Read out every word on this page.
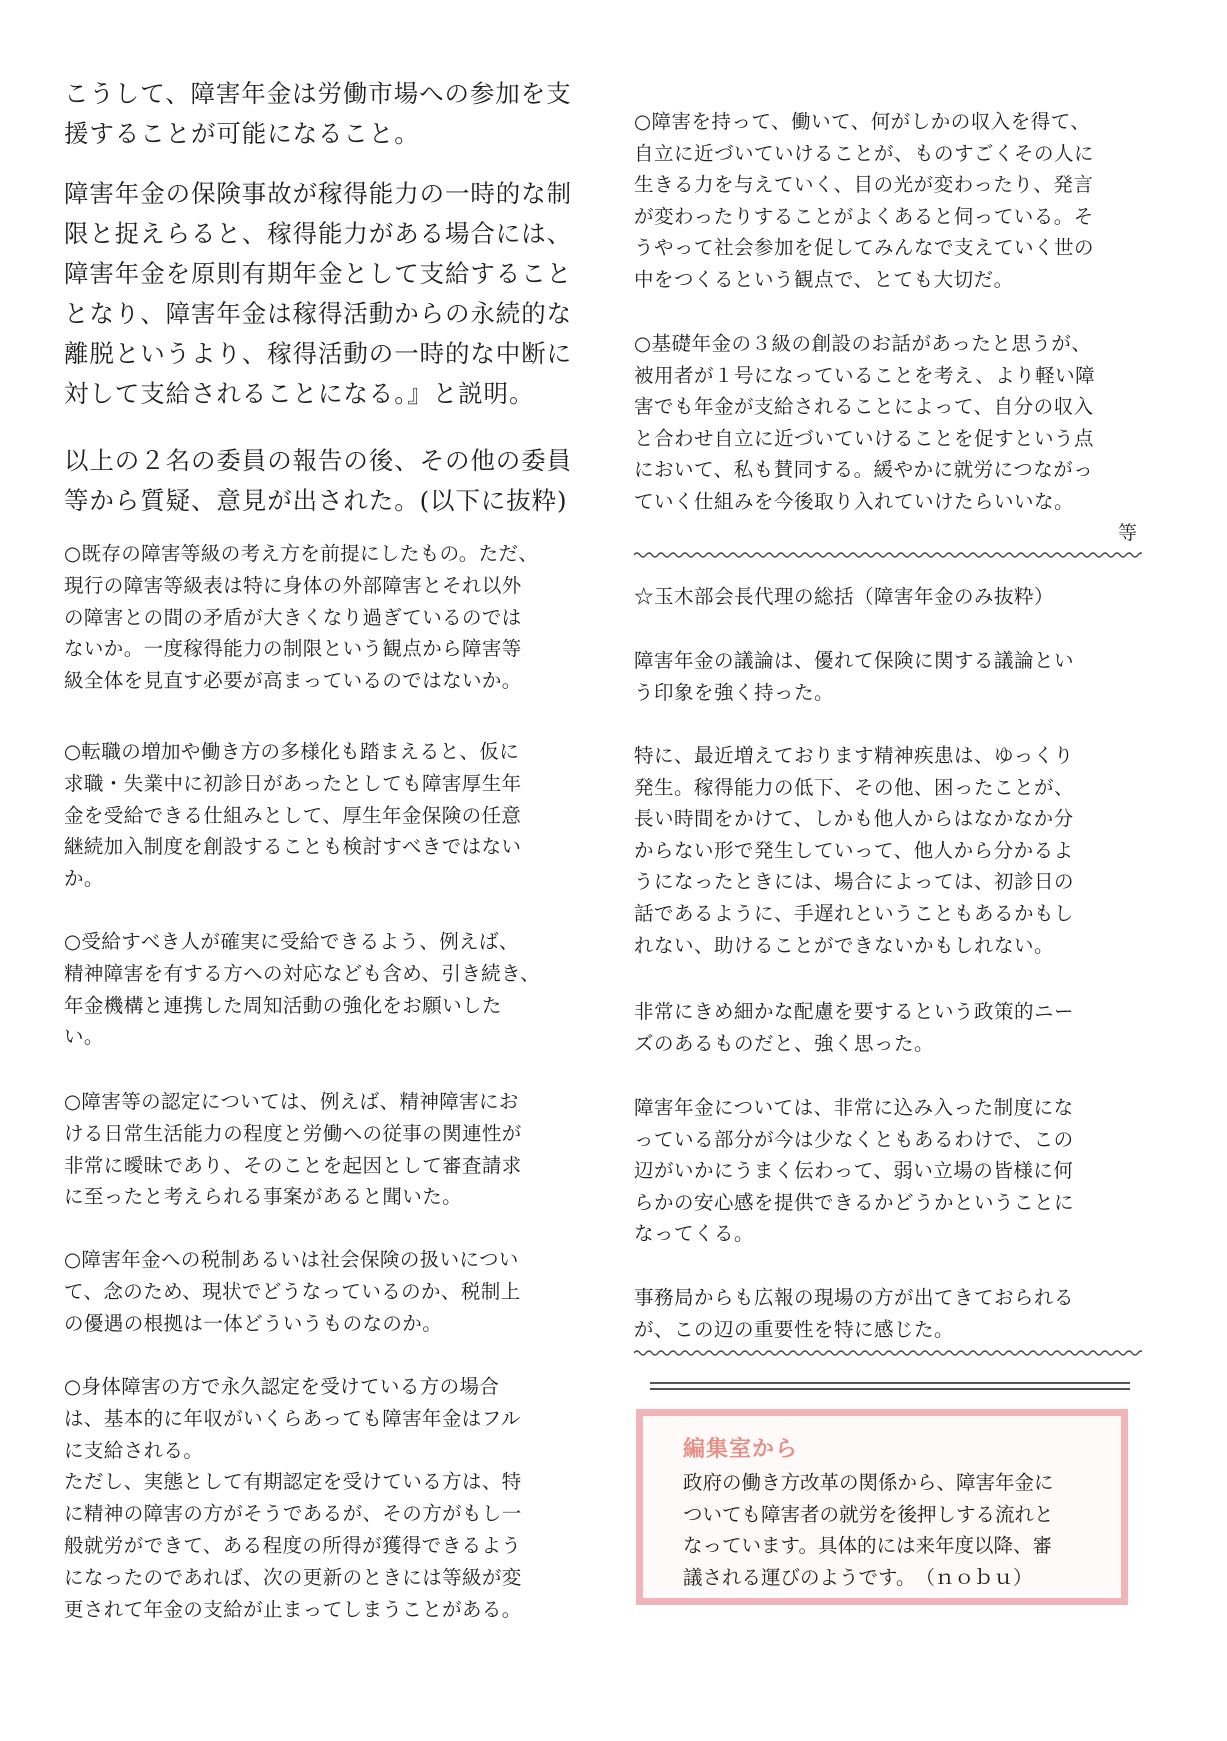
こうして、障害年金は労働市場への参加を支
援することが可能になること。

障害年金の保険事故が稼得能力の一時的な制
限と捉えらると、稼得能力がある場合には、
障害年金を原則有期年金として支給すること
となり、障害年金は稼得活動からの永続的な
離脱というより、稼得活動の一時的な中断に
対して支給されることになる。』と説明。

以上の２名の委員の報告の後、その他の委員
等から質疑、意見が出された。(以下に抜粋)

○既存の障害等級の考え方を前提にしたもの。ただ、
現行の障害等級表は特に身体の外部障害とそれ以外
の障害との間の矛盾が大きくなり過ぎているのでは
ないか。一度稼得能力の制限という観点から障害等
級全体を見直す必要が高まっているのではないか。

○転職の増加や働き方の多様化も踏まえると、仮に
求職・失業中に初診日があったとしても障害厚生年
金を受給できる仕組みとして、厚生年金保険の任意
継続加入制度を創設することも検討すべきではない
か。

○受給すべき人が確実に受給できるよう、例えば、
精神障害を有する方への対応なども含め、引き続き、
年金機構と連携した周知活動の強化をお願いした
い。

○障害等の認定については、例えば、精神障害にお
ける日常生活能力の程度と労働への従事の関連性が
非常に曖昧であり、そのことを起因として審査請求
に至ったと考えられる事案があると聞いた。

○障害年金への税制あるいは社会保険の扱いについ
て、念のため、現状でどうなっているのか、税制上
の優遇の根拠は一体どういうものなのか。

○身体障害の方で永久認定を受けている方の場合
は、基本的に年収がいくらあっても障害年金はフル
に支給される。
ただし、実態として有期認定を受けている方は、特
に精神の障害の方がそうであるが、その方がもし一
般就労ができて、ある程度の所得が獲得できるよう
になったのであれば、次の更新のときには等級が変
更されて年金の支給が止まってしまうことがある。

○障害を持って、働いて、何がしかの収入を得て、
自立に近づいていけることが、ものすごくその人に
生きる力を与えていく、目の光が変わったり、発言
が変わったりすることがよくあると伺っている。そ
うやって社会参加を促してみんなで支えていく世の
中をつくるという観点で、とても大切だ。

○基礎年金の３級の創設のお話があったと思うが、
被用者が１号になっていることを考え、より軽い障
害でも年金が支給されることによって、自分の収入
と合わせ自立に近づいていけることを促すという点
において、私も賛同する。緩やかに就労につながっ
ていく仕組みを今後取り入れていけたらいいな。

等

☆玉木部会長代理の総括（障害年金のみ抜粋）

障害年金の議論は、優れて保険に関する議論とい
う印象を強く持った。

特に、最近増えております精神疾患は、ゆっくり
発生。稼得能力の低下、その他、困ったことが、
長い時間をかけて、しかも他人からはなかなか分
からない形で発生していって、他人から分かるよ
うになったときには、場合によっては、初診日の
話であるように、手遅れということもあるかもし
れない、助けることができないかもしれない。

非常にきめ細かな配慮を要するという政策的ニー
ズのあるものだと、強く思った。

障害年金については、非常に込み入った制度にな
っている部分が今は少なくともあるわけで、この
辺がいかにうまく伝わって、弱い立場の皆様に何
らかの安心感を提供できるかどうかということに
なってくる。

事務局からも広報の現場の方が出てきておられる
が、この辺の重要性を特に感じた。

編集室から

政府の働き方改革の関係から、障害年金に
ついても障害者の就労を後押しする流れと
なっています。具体的には来年度以降、審
議される運びのようです。　（ｎｏｂｕ）
